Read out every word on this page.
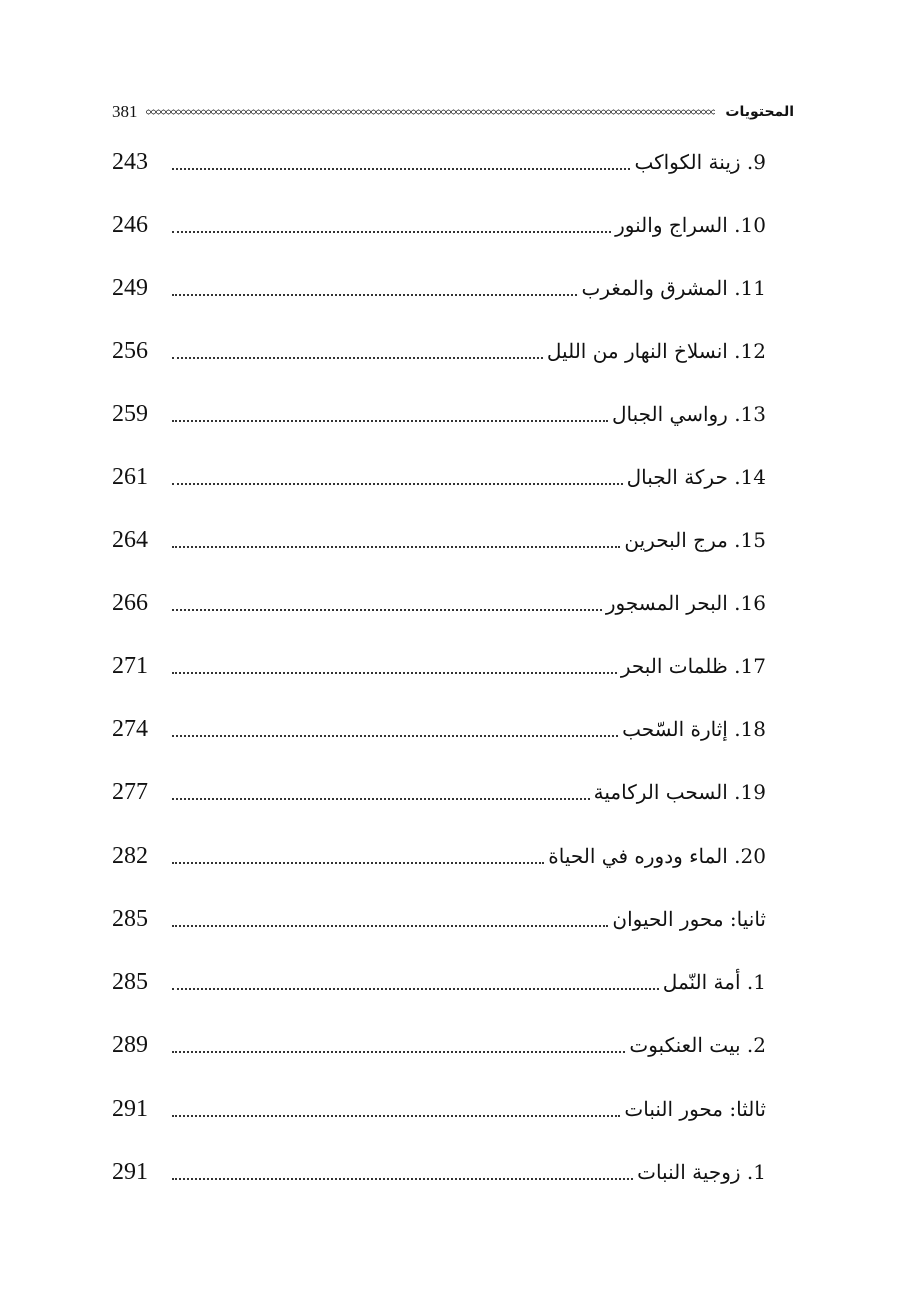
المحتويات
381
9. زينة الكواكب
243
10. السراج والنور
246
11. المشرق والمغرب
249
12. انسلاخ النهار من الليل
256
13. رواسي الجبال
259
14. حركة الجبال
261
15. مرج البحرين
264
16. البحر المسجور
266
17. ظلمات البحر
271
18. إثارة السّحب
274
19. السحب الركامية
277
20. الماء ودوره في الحياة
282
ثانيا: محور الحيوان
285
1. أمة النّمل
285
2. بيت العنكبوت
289
ثالثا: محور النبات
291
1. زوجية النبات
291
